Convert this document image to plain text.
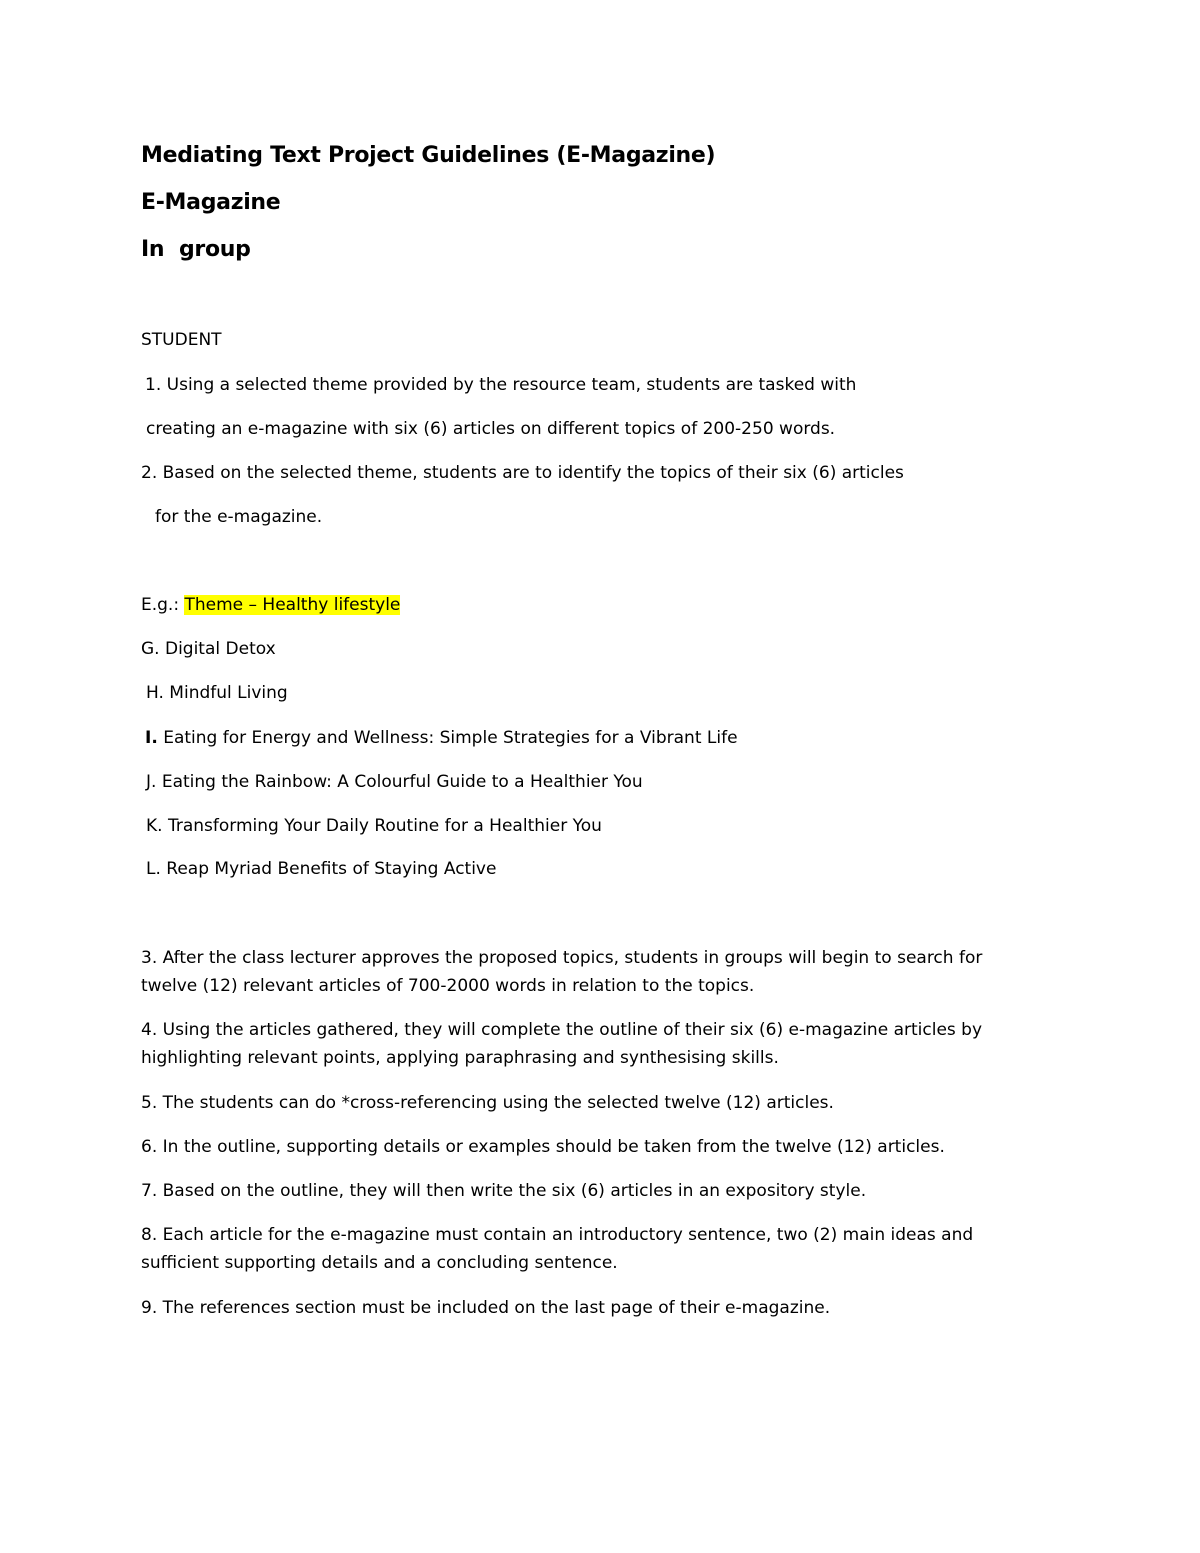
Mediating Text Project Guidelines (E-Magazine)
E-Magazine
In  group
STUDENT
1. Using a selected theme provided by the resource team, students are tasked with
creating an e-magazine with six (6) articles on different topics of 200-250 words.
2. Based on the selected theme, students are to identify the topics of their six (6) articles
for the e-magazine.
E.g.: Theme – Healthy lifestyle
G. Digital Detox
H. Mindful Living
I. Eating for Energy and Wellness: Simple Strategies for a Vibrant Life
J. Eating the Rainbow: A Colourful Guide to a Healthier You
K. Transforming Your Daily Routine for a Healthier You
L. Reap Myriad Benefits of Staying Active
3. After the class lecturer approves the proposed topics, students in groups will begin to search for
twelve (12) relevant articles of 700-2000 words in relation to the topics.
4. Using the articles gathered, they will complete the outline of their six (6) e-magazine articles by
highlighting relevant points, applying paraphrasing and synthesising skills.
5. The students can do *cross-referencing using the selected twelve (12) articles.
6. In the outline, supporting details or examples should be taken from the twelve (12) articles.
7. Based on the outline, they will then write the six (6) articles in an expository style.
8. Each article for the e-magazine must contain an introductory sentence, two (2) main ideas and
sufficient supporting details and a concluding sentence.
9. The references section must be included on the last page of their e-magazine.
